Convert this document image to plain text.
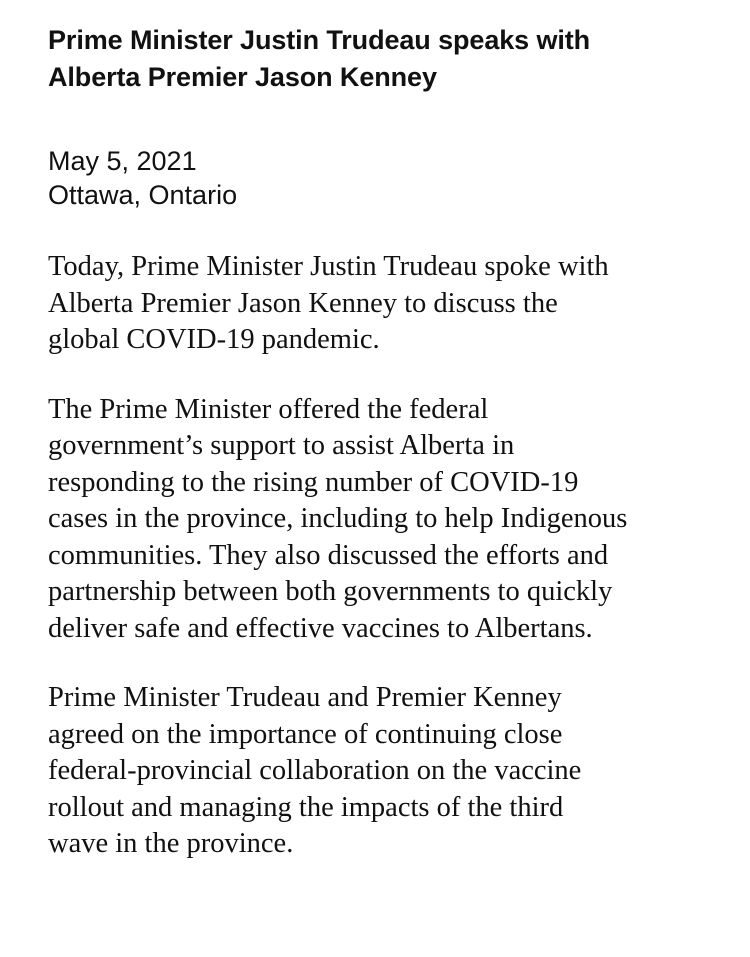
Prime Minister Justin Trudeau speaks with
Alberta Premier Jason Kenney
May 5, 2021
Ottawa, Ontario

Today, Prime Minister Justin Trudeau spoke with
Alberta Premier Jason Kenney to discuss the
global COVID-19 pandemic.

The Prime Minister offered the federal
government’s support to assist Alberta in
responding to the rising number of COVID-19
cases in the province, including to help Indigenous
communities. They also discussed the efforts and
partnership between both governments to quickly
deliver safe and effective vaccines to Albertans.

Prime Minister Trudeau and Premier Kenney
agreed on the importance of continuing close
federal-provincial collaboration on the vaccine
rollout and managing the impacts of the third
wave in the province.
